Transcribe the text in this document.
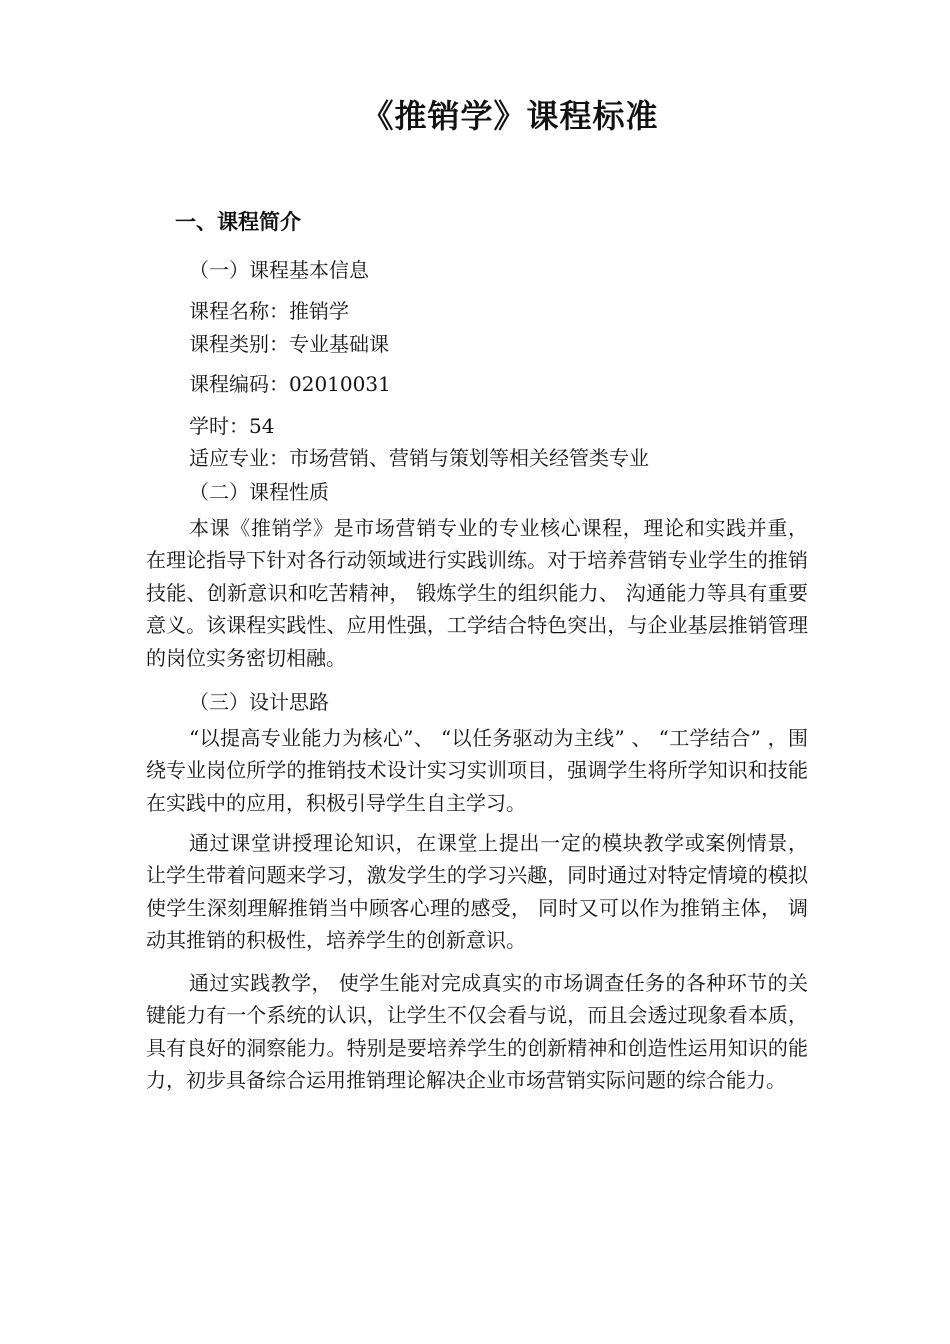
《推销学》课程标准
一、课程简介
（一）课程基本信息
课程名称：推销学
课程类别：专业基础课
课程编码：02010031
学时：54
适应专业：市场营销、营销与策划等相关经管类专业
（二）课程性质

本课《推销学》是市场营销专业的专业核心课程，理论和实践并重，在理论指导下针对各行动领域进行实践训练。对于培养营销专业学生的推销技能、创新意识和吃苦精神， 锻炼学生的组织能力、 沟通能力等具有重要意义。该课程实践性、应用性强，工学结合特色突出，与企业基层推销管理的岗位实务密切相融。

（三）设计思路

“以提高专业能力为核心”、 “以任务驱动为主线” 、 “工学结合” ，围绕专业岗位所学的推销技术设计实习实训项目，强调学生将所学知识和技能在实践中的应用，积极引导学生自主学习。

通过课堂讲授理论知识，在课堂上提出一定的模块教学或案例情景，让学生带着问题来学习，激发学生的学习兴趣，同时通过对特定情境的模拟使学生深刻理解推销当中顾客心理的感受， 同时又可以作为推销主体， 调动其推销的积极性，培养学生的创新意识。

通过实践教学， 使学生能对完成真实的市场调查任务的各种环节的关键能力有一个系统的认识，让学生不仅会看与说，而且会透过现象看本质，具有良好的洞察能力。特别是要培养学生的创新精神和创造性运用知识的能力，初步具备综合运用推销理论解决企业市场营销实际问题的综合能力。
